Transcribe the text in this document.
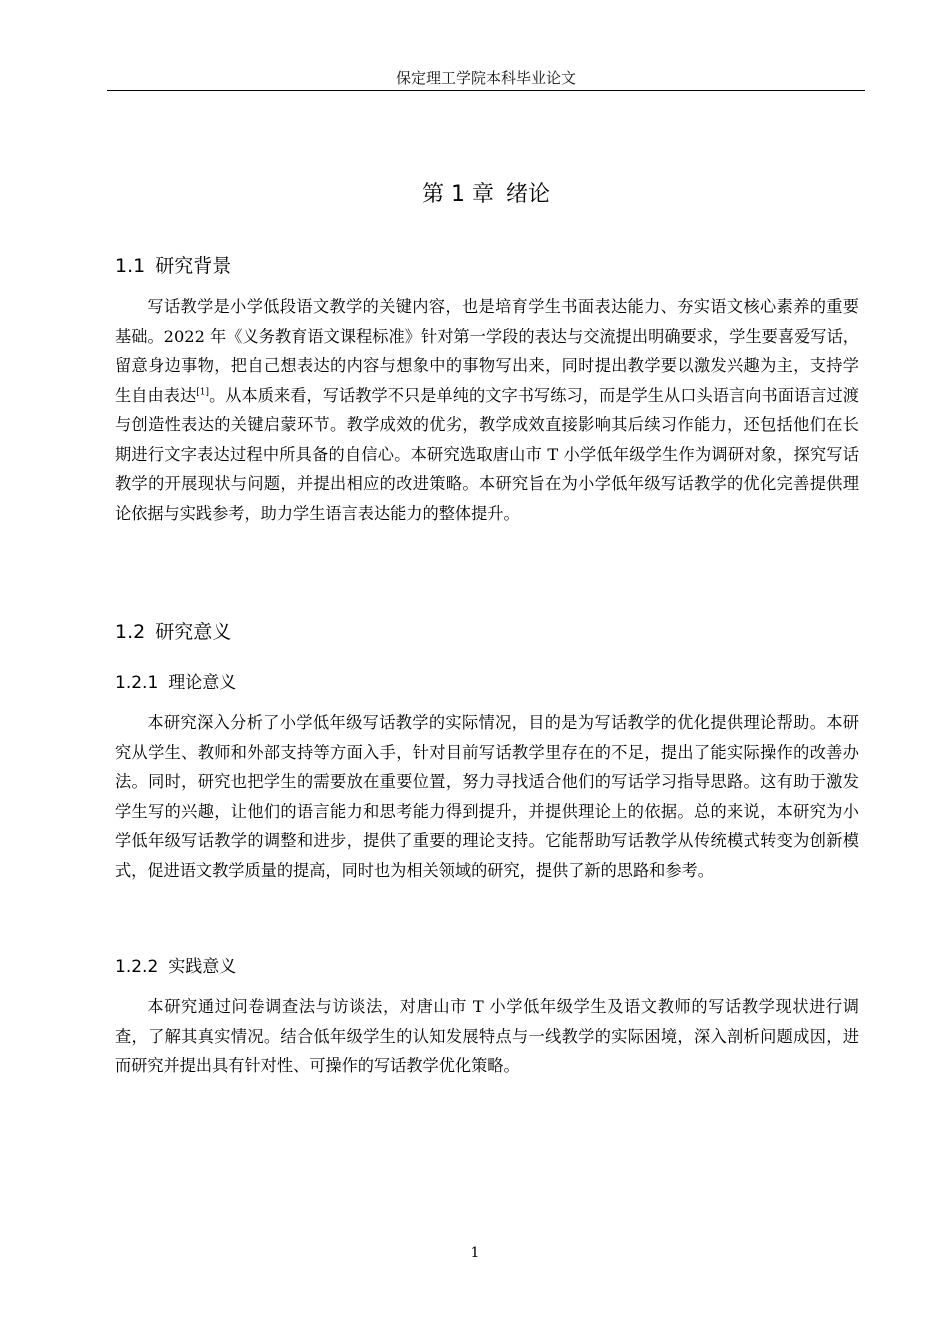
保定理工学院本科毕业论文
第 1 章 绪论
1.1 研究背景

写话教学是小学低段语文教学的关键内容，也是培育学生书面表达能力、夯实语文核心素养的重要基础。2022 年《义务教育语文课程标准》针对第一学段的表达与交流提出明确要求，学生要喜爱写话，留意身边事物，把自己想表达的内容与想象中的事物写出来，同时提出教学要以激发兴趣为主，支持学生自由表达[1]。从本质来看，写话教学不只是单纯的文字书写练习，而是学生从口头语言向书面语言过渡与创造性表达的关键启蒙环节。教学成效的优劣，教学成效直接影响其后续习作能力，还包括他们在长期进行文字表达过程中所具备的自信心。本研究选取唐山市 T 小学低年级学生作为调研对象，探究写话教学的开展现状与问题，并提出相应的改进策略。本研究旨在为小学低年级写话教学的优化完善提供理论依据与实践参考，助力学生语言表达能力的整体提升。

1.2 研究意义
1.2.1 理论意义

本研究深入分析了小学低年级写话教学的实际情况，目的是为写话教学的优化提供理论帮助。本研究从学生、教师和外部支持等方面入手，针对目前写话教学里存在的不足，提出了能实际操作的改善办法。同时，研究也把学生的需要放在重要位置，努力寻找适合他们的写话学习指导思路。这有助于激发学生写的兴趣，让他们的语言能力和思考能力得到提升，并提供理论上的依据。总的来说，本研究为小学低年级写话教学的调整和进步，提供了重要的理论支持。它能帮助写话教学从传统模式转变为创新模式，促进语文教学质量的提高，同时也为相关领域的研究，提供了新的思路和参考。

1.2.2 实践意义

本研究通过问卷调查法与访谈法，对唐山市 T 小学低年级学生及语文教师的写话教学现状进行调查，了解其真实情况。结合低年级学生的认知发展特点与一线教学的实际困境，深入剖析问题成因，进而研究并提出具有针对性、可操作的写话教学优化策略。

1
